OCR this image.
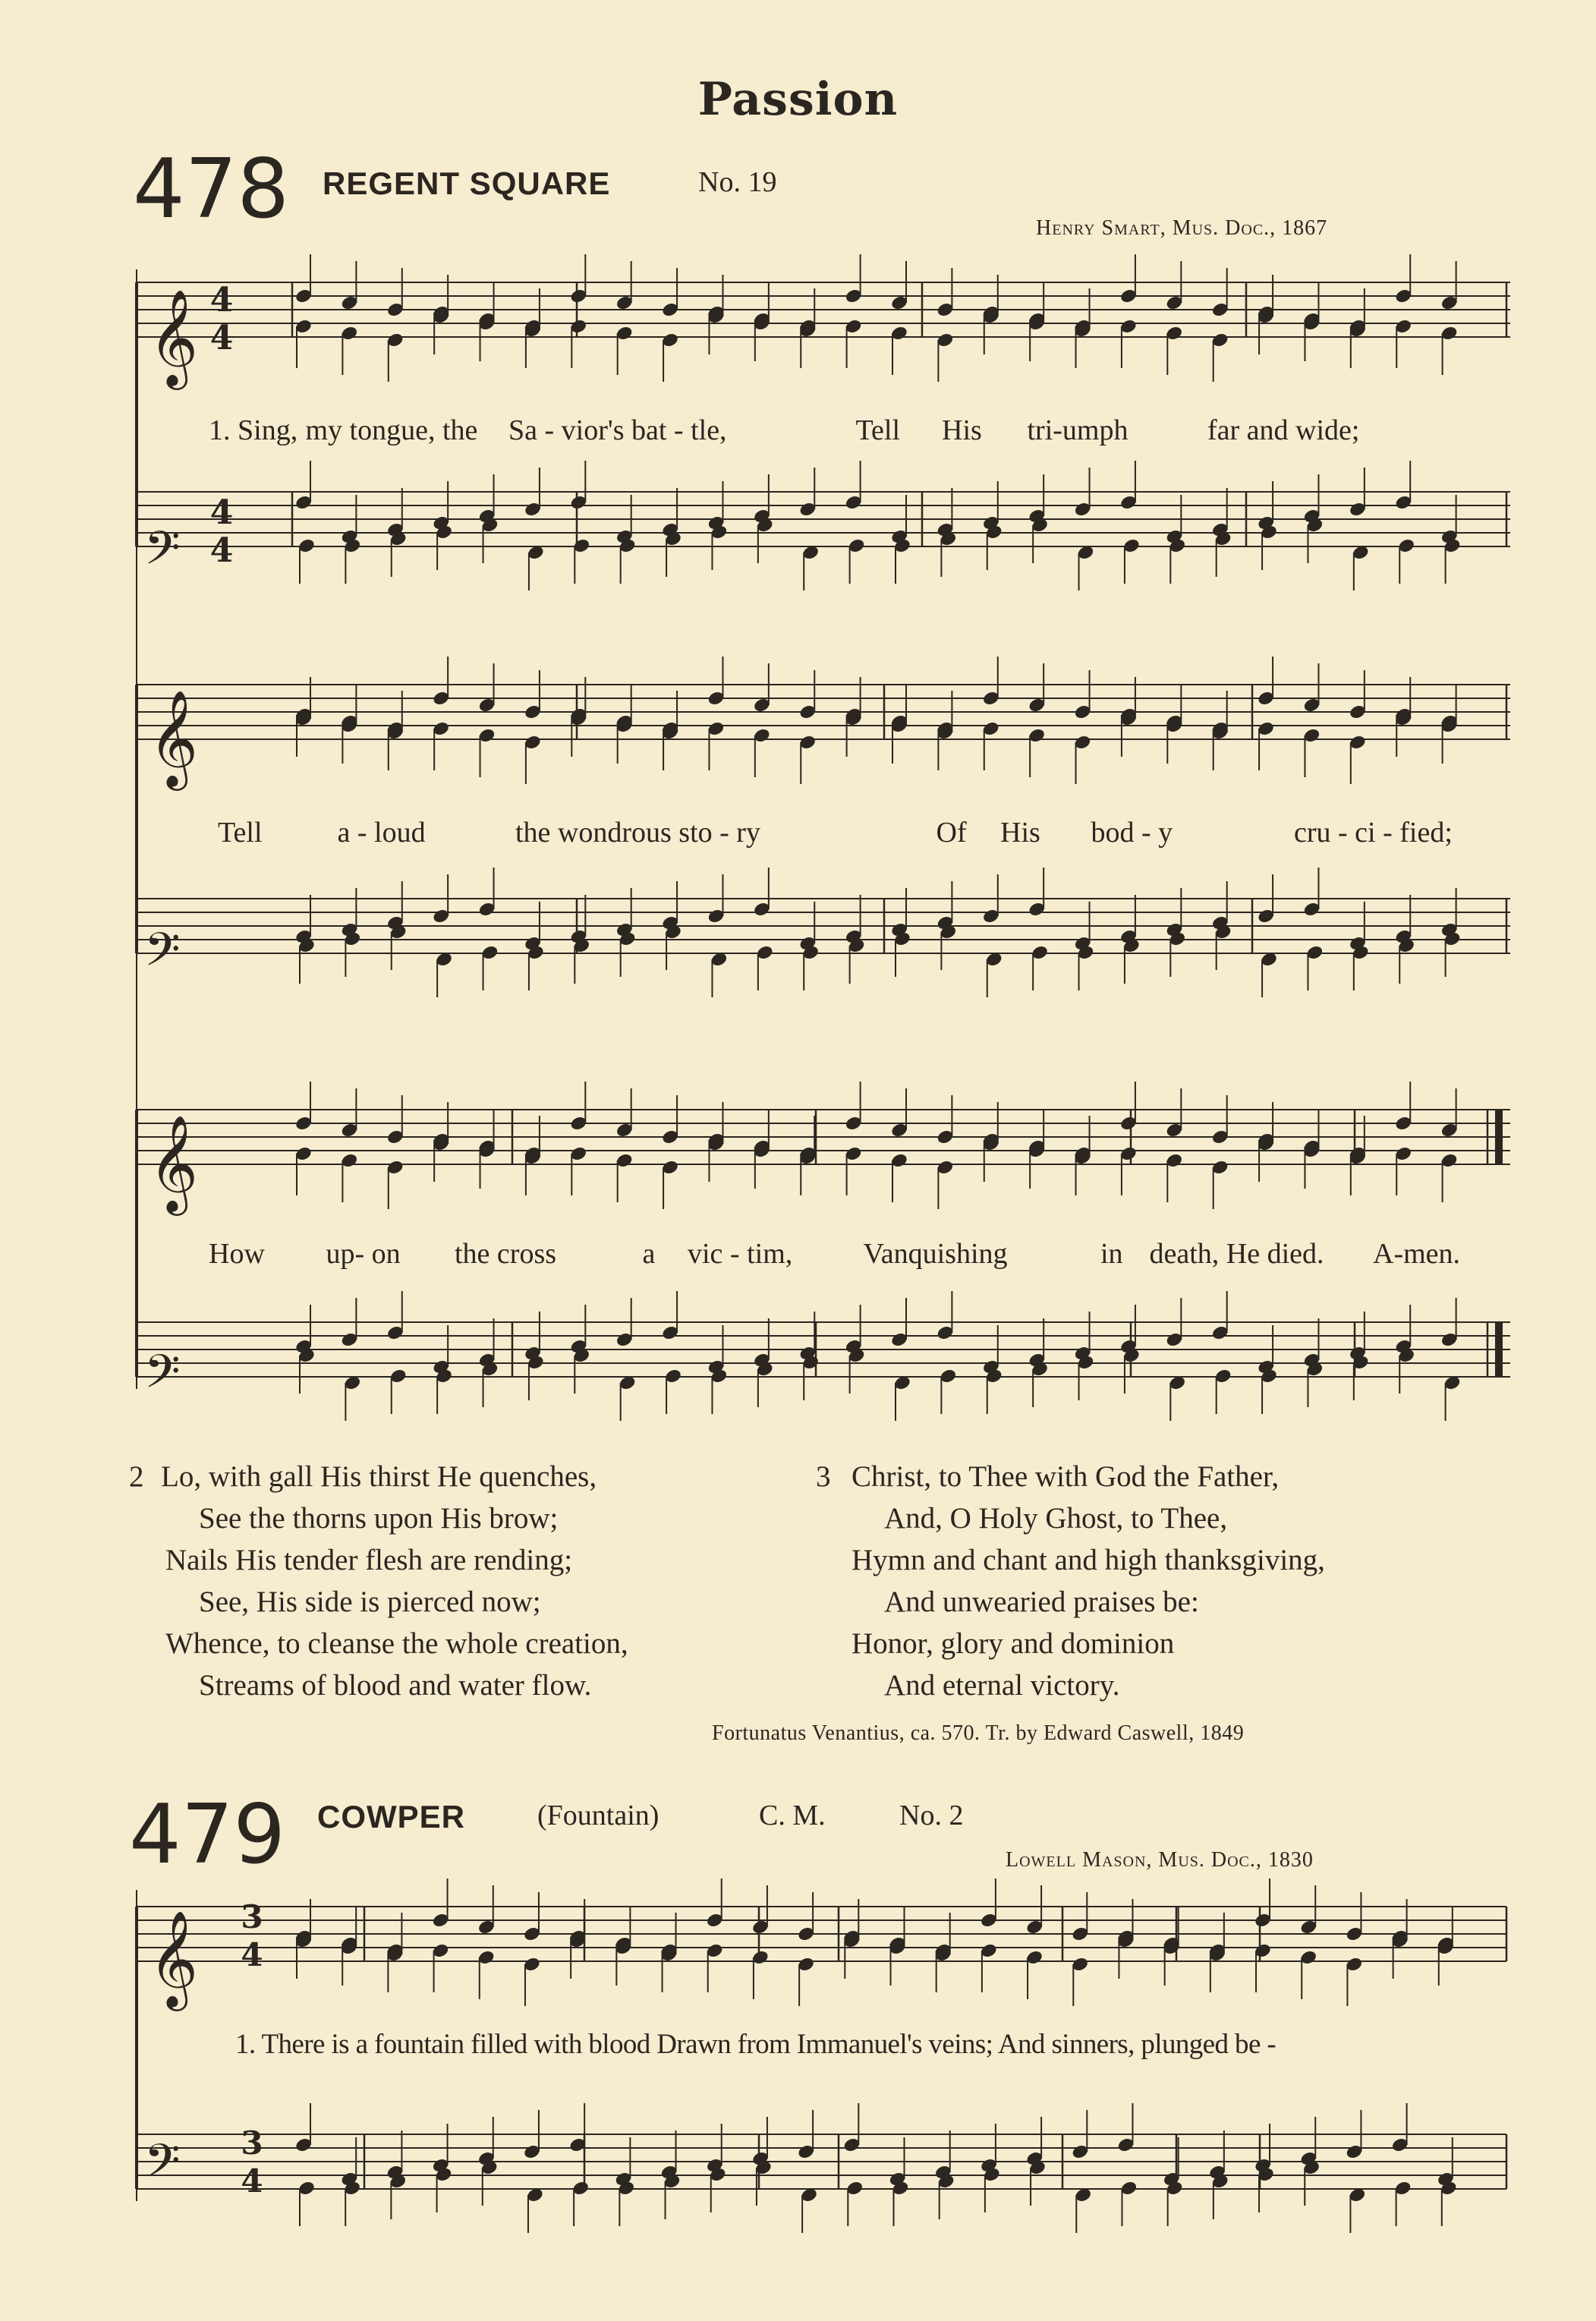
Passion
478 REGENT SQUARE	No. 19
Henry Smart, Mus. Doc., 1867
1. Sing, my tongue, the Sa - vior's bat - tle,	Tell His tri-umph	far and wide;
Tell	a - loud	the wondrous sto - ry	Of His bod - y	cru - ci - fied;
How up- on the cross	a vic - tim, Vanquishing	in death, He died. A-men.
2 Lo, with gall His thirst He quenches,
See the thorns upon His brow;
Nails His tender flesh are rending;
See, His side is pierced now;
Whence, to cleanse the whole creation,
Streams of blood and water flow.
3 Christ, to Thee with God the Father,
And, O Holy Ghost, to Thee,
Hymn and chant and high thanksgiving,
And unwearied praises be:
Honor, glory and dominion
And eternal victory.
Fortunatus Venantius, ca. 570. Tr. by Edward Caswell, 1849
479 COWPER	(Fountain)	C. M.	No. 2
Lowell Mason, Mus. Doc., 1830
1. There is a fountain filled with blood Drawn from Immanuel's veins; And sinners, plunged be -
𝄞
𝄢
𝄞
𝄢
𝄞
𝄢
𝄞
𝄢
4
4
4
4
3
4
3
4
